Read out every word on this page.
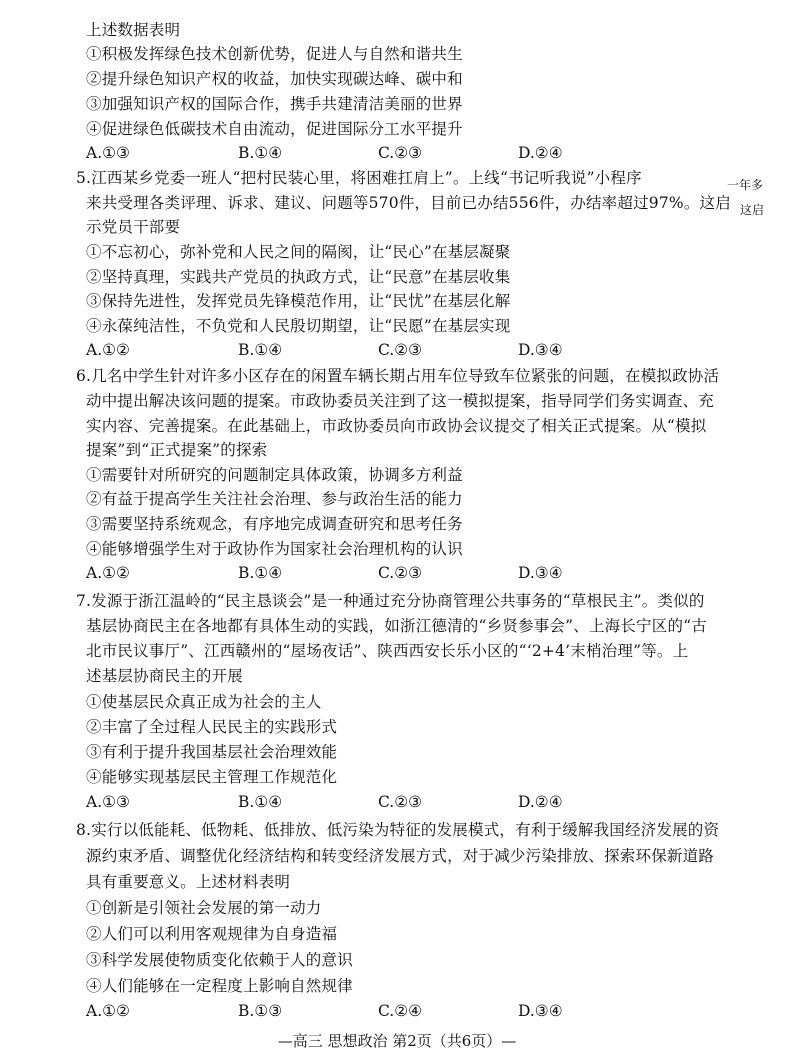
上述数据表明
①积极发挥绿色技术创新优势，促进人与自然和谐共生
②提升绿色知识产权的收益，加快实现碳达峰、碳中和
③加强知识产权的国际合作，携手共建清洁美丽的世界
④促进绿色低碳技术自由流动，促进国际分工水平提升
A.①③	B.①④	C.②③	D.②④
5.江西某乡党委一班人“把村民装心里，将困难扛肩上”。上线“书记听我说”小程序	一年多
来共受理各类评理、诉求、建议、问题等570件，目前已办结556件，办结率超过97%。这启 这启
示党员干部要
①不忘初心，弥补党和人民之间的隔阂，让“民心”在基层凝聚
②坚持真理，实践共产党员的执政方式，让“民意”在基层收集
③保持先进性，发挥党员先锋模范作用，让“民忧”在基层化解
④永葆纯洁性，不负党和人民殷切期望，让“民愿”在基层实现
A.①②	B.①④	C.②③	D.③④
6.几名中学生针对许多小区存在的闲置车辆长期占用车位导致车位紧张的问题，在模拟政协活
动中提出解决该问题的提案。市政协委员关注到了这一模拟提案，指导同学们务实调查、充
实内容、完善提案。在此基础上，市政协委员向市政协会议提交了相关正式提案。从“模拟
提案”到“正式提案”的探索
①需要针对所研究的问题制定具体政策，协调多方利益
②有益于提高学生关注社会治理、参与政治生活的能力
③需要坚持系统观念，有序地完成调查研究和思考任务
④能够增强学生对于政协作为国家社会治理机构的认识
A.①②	B.①④	C.②③	D.③④
7.发源于浙江温岭的“民主恳谈会”是一种通过充分协商管理公共事务的“草根民主”。类似的
基层协商民主在各地都有具体生动的实践，如浙江德清的“乡贤参事会”、上海长宁区的“古
北市民议事厅”、江西赣州的“屋场夜话”、陕西西安长乐小区的“‘2+4’末梢治理”等。上
述基层协商民主的开展
①使基层民众真正成为社会的主人
②丰富了全过程人民民主的实践形式
③有利于提升我国基层社会治理效能
④能够实现基层民主管理工作规范化
A.①③	B.①④	C.②③	D.②④
8.实行以低能耗、低物耗、低排放、低污染为特征的发展模式，有利于缓解我国经济发展的资
源约束矛盾、调整优化经济结构和转变经济发展方式，对于减少污染排放、探索环保新道路
具有重要意义。上述材料表明
①创新是引领社会发展的第一动力
②人们可以利用客观规律为自身造福
③科学发展使物质变化依赖于人的意识
④人们能够在一定程度上影响自然规律
A.①②	B.①③	C.②④	D.③④
—高三 思想政治 第2页（共6页）—
